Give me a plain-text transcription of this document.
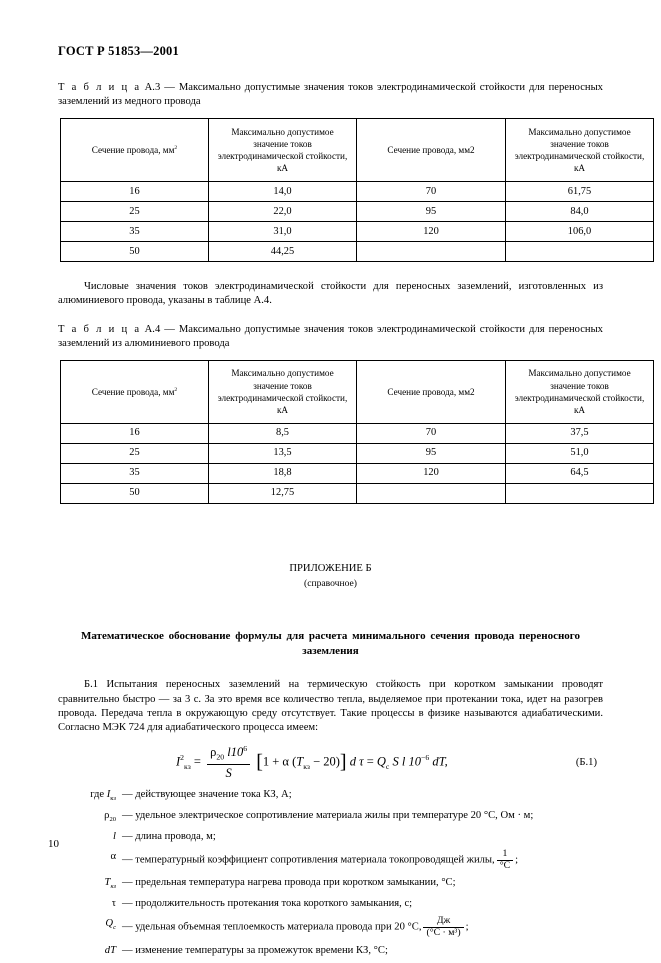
ГОСТ Р 51853—2001
Т а б л и ц а А.3 — Максимально допустимые значения токов электродинамической стойкости для переносных заземлений из медного провода
Сечение провода, $мм^2$	Максимально допустимое значение токов электродинамической стойкости, кА	Сечение провода, мм2	Максимально допустимое значение токов электродинамической стойкости, кА
16	14,0	70	61,75
25	22,0	95	84,0
35	31,0	120	106,0
50	44,25		
Числовые значения токов электродинамической стойкости для переносных заземлений, изготовленных из алюминиевого провода, указаны в таблице А.4.
Т а б л и ц а А.4 — Максимально допустимые значения токов электродинамической стойкости для переносных заземлений из алюминиевого провода
Сечение провода, $мм^2$	Максимально допустимое значение токов электродинамической стойкости, кА	Сечение провода, мм2	Максимально допустимое значение токов электродинамической стойкости, кА
16	8,5	70	37,5
25	13,5	95	51,0
35	18,8	120	64,5
50	12,75		
ПРИЛОЖЕНИЕ Б
(справочное)
Математическое обоснование формулы для расчета минимального сечения провода переносного заземления
Б.1 Испытания переносных заземлений на термическую стойкость при коротком замыкании проводят сравнительно быстро — за 3 с. За это время все количество тепла, выделяемое при протекании тока, идет на разогрев провода. Передача тепла в окружающую среду отсутствует. Такие процессы в физике называются адиабатическими. Согласно МЭК 724 для адиабатического процесса имеем:
$I^2_{кз} = \frac{\rho_{20} l10^6}{S} [1 + \alpha$ $(T_{кз} - 20)$] d $\tau = Q_с$ S l $10^{-6}$ dT,	(Б.1)
где $I_{кз}$ — действующее значение тока КЗ, А;
$\rho_{20}$ — удельное электрическое сопротивление материала жилы при температуре 20 °С, Ом · м;
l — длина провода, м;
α — температурный коэффициент сопротивления материала токопроводящей жилы, $\frac{1}{^\circ С}$ ;
$T_{кз}$ — предельная температура нагрева провода при коротком замыкании, °С;
τ — продолжительность протекания тока короткого замыкания, с;
$Q_с$ — удельная объемная теплоемкость материала провода при 20 °С, $\frac{Дж}{\text{(°С · м³)}}$ ;
dT — изменение температуры за промежуток времени КЗ, °С;
10
